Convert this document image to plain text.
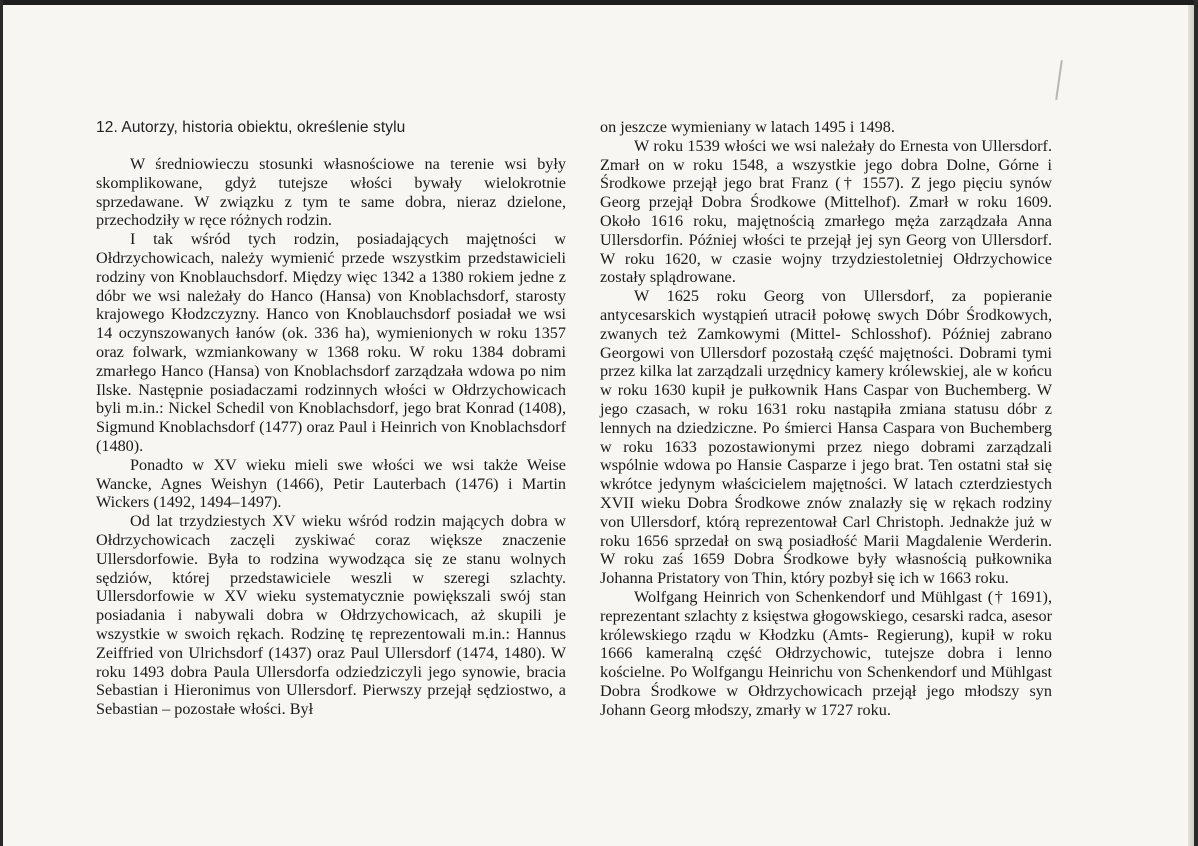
12. Autorzy, historia obiektu, określenie stylu

W średniowieczu stosunki własnościowe na terenie wsi były skomplikowane, gdyż tutejsze włości bywały wielokrotnie sprzedawane. W związku z tym te same dobra, nieraz dzielone, przechodziły w ręce różnych rodzin.

I tak wśród tych rodzin, posiadających majętności w Ołdrzychowicach, należy wymienić przede wszystkim przedstawicieli rodziny von Knoblauchsdorf. Między więc 1342 a 1380 rokiem jedne z dóbr we wsi należały do Hanco (Hansa) von Knoblachsdorf, starosty krajowego Kłodzczyzny. Hanco von Knoblauchsdorf posiadał we wsi 14 oczynszowanych łanów (ok. 336 ha), wymienionych w roku 1357 oraz folwark, wzmiankowany w 1368 roku. W roku 1384 dobrami zmarłego Hanco (Hansa) von Knoblachsdorf zarządzała wdowa po nim Ilske. Następnie posiadaczami rodzinnych włości w Ołdrzychowicach byli m.in.: Nickel Schedil von Knoblachsdorf, jego brat Konrad (1408), Sigmund Knoblachsdorf (1477) oraz Paul i Heinrich von Knoblachsdorf (1480).

Ponadto w XV wieku mieli swe włości we wsi także Weise Wancke, Agnes Weishyn (1466), Petir Lauterbach (1476) i Martin Wickers (1492, 1494–1497).

Od lat trzydziestych XV wieku wśród rodzin mających dobra w Ołdrzychowicach zaczęli zyskiwać coraz większe znaczenie Ullersdorfowie. Była to rodzina wywodząca się ze stanu wolnych sędziów, której przedstawiciele weszli w szeregi szlachty. Ullersdorfowie w XV wieku systematycznie powiększali swój stan posiadania i nabywali dobra w Ołdrzychowicach, aż skupili je wszystkie w swoich rękach. Rodzinę tę reprezentowali m.in.: Hannus Zeiffried von Ulrichsdorf (1437) oraz Paul Ullersdorf (1474, 1480). W roku 1493 dobra Paula Ullersdorfa odziedziczyli jego synowie, bracia Sebastian i Hieronimus von Ullersdorf. Pierwszy przejął sędziostwo, a Sebastian – pozostałe włości. Był

on jeszcze wymieniany w latach 1495 i 1498.

W roku 1539 włości we wsi należały do Ernesta von Ullersdorf. Zmarł on w roku 1548, a wszystkie jego dobra Dolne, Górne i Środkowe przejął jego brat Franz († 1557). Z jego pięciu synów Georg przejął Dobra Środkowe (Mittelhof). Zmarł w roku 1609. Około 1616 roku, majętnością zmarłego męża zarządzała Anna Ullersdorfin. Później włości te przejął jej syn Georg von Ullersdorf. W roku 1620, w czasie wojny trzydziestoletniej Ołdrzychowice zostały splądrowane.

W 1625 roku Georg von Ullersdorf, za popieranie antycesarskich wystąpień utracił połowę swych Dóbr Środkowych, zwanych też Zamkowymi (Mittel- Schlosshof). Później zabrano Georgowi von Ullersdorf pozostałą część majętności. Dobrami tymi przez kilka lat zarządzali urzędnicy kamery królewskiej, ale w końcu w roku 1630 kupił je pułkownik Hans Caspar von Buchemberg. W jego czasach, w roku 1631 roku nastąpiła zmiana statusu dóbr z lennych na dziedziczne. Po śmierci Hansa Caspara von Buchemberg w roku 1633 pozostawionymi przez niego dobrami zarządzali wspólnie wdowa po Hansie Casparze i jego brat. Ten ostatni stał się wkrótce jedynym właścicielem majętności. W latach czterdziestych XVII wieku Dobra Środkowe znów znalazły się w rękach rodziny von Ullersdorf, którą reprezentował Carl Christoph. Jednakże już w roku 1656 sprzedał on swą posiadłość Marii Magdalenie Werderin. W roku zaś 1659 Dobra Środkowe były własnością pułkownika Johanna Pristatory von Thin, który pozbył się ich w 1663 roku.

Wolfgang Heinrich von Schenkendorf und Mühlgast († 1691), reprezentant szlachty z księstwa głogowskiego, cesarski radca, asesor królewskiego rządu w Kłodzku (Amts- Regierung), kupił w roku 1666 kameralną część Ołdrzychowic, tutejsze dobra i lenno kościelne. Po Wolfgangu Heinrichu von Schenkendorf und Mühlgast Dobra Środkowe w Ołdrzychowicach przejął jego młodszy syn Johann Georg młodszy, zmarły w 1727 roku.
